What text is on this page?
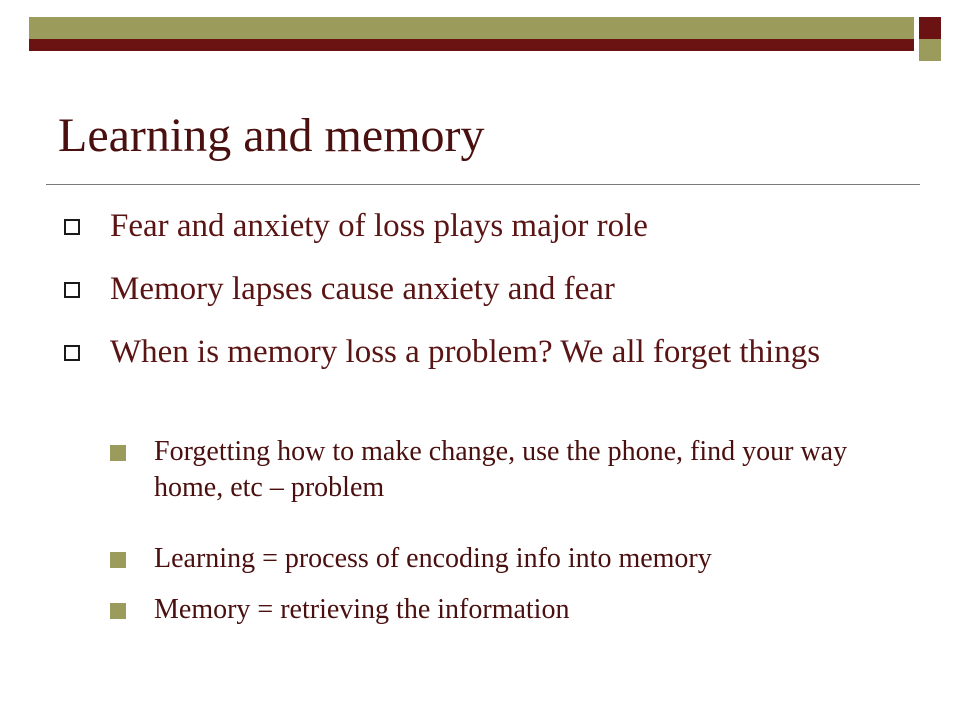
Learning and memory
Fear and anxiety of loss plays major role
Memory lapses cause anxiety and fear
When is memory loss a problem? We all forget things
Forgetting how to make change, use the phone, find your way home, etc – problem
Learning = process of encoding info into memory
Memory = retrieving the information
